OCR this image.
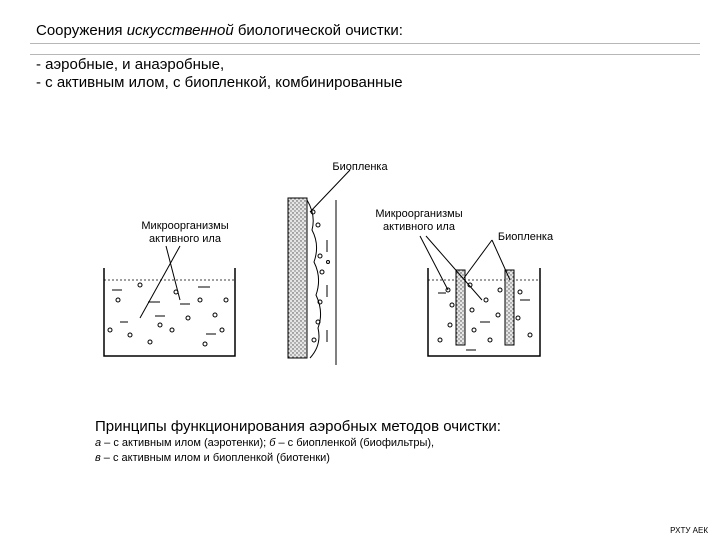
Сооружения искусственной биологической очистки:
- аэробные, и анаэробные,
- с активным илом, с биопленкой, комбинированные
Микроорганизмы
активного ила
Биопленка
Микроорганизмы
активного ила
Биопленка
Принципы функционирования аэробных методов очистки:
а – с активным илом (аэротенки); б – с биопленкой (биофильтры),
в – с активным илом и биопленкой (биотенки)
РХТУ АЕК
